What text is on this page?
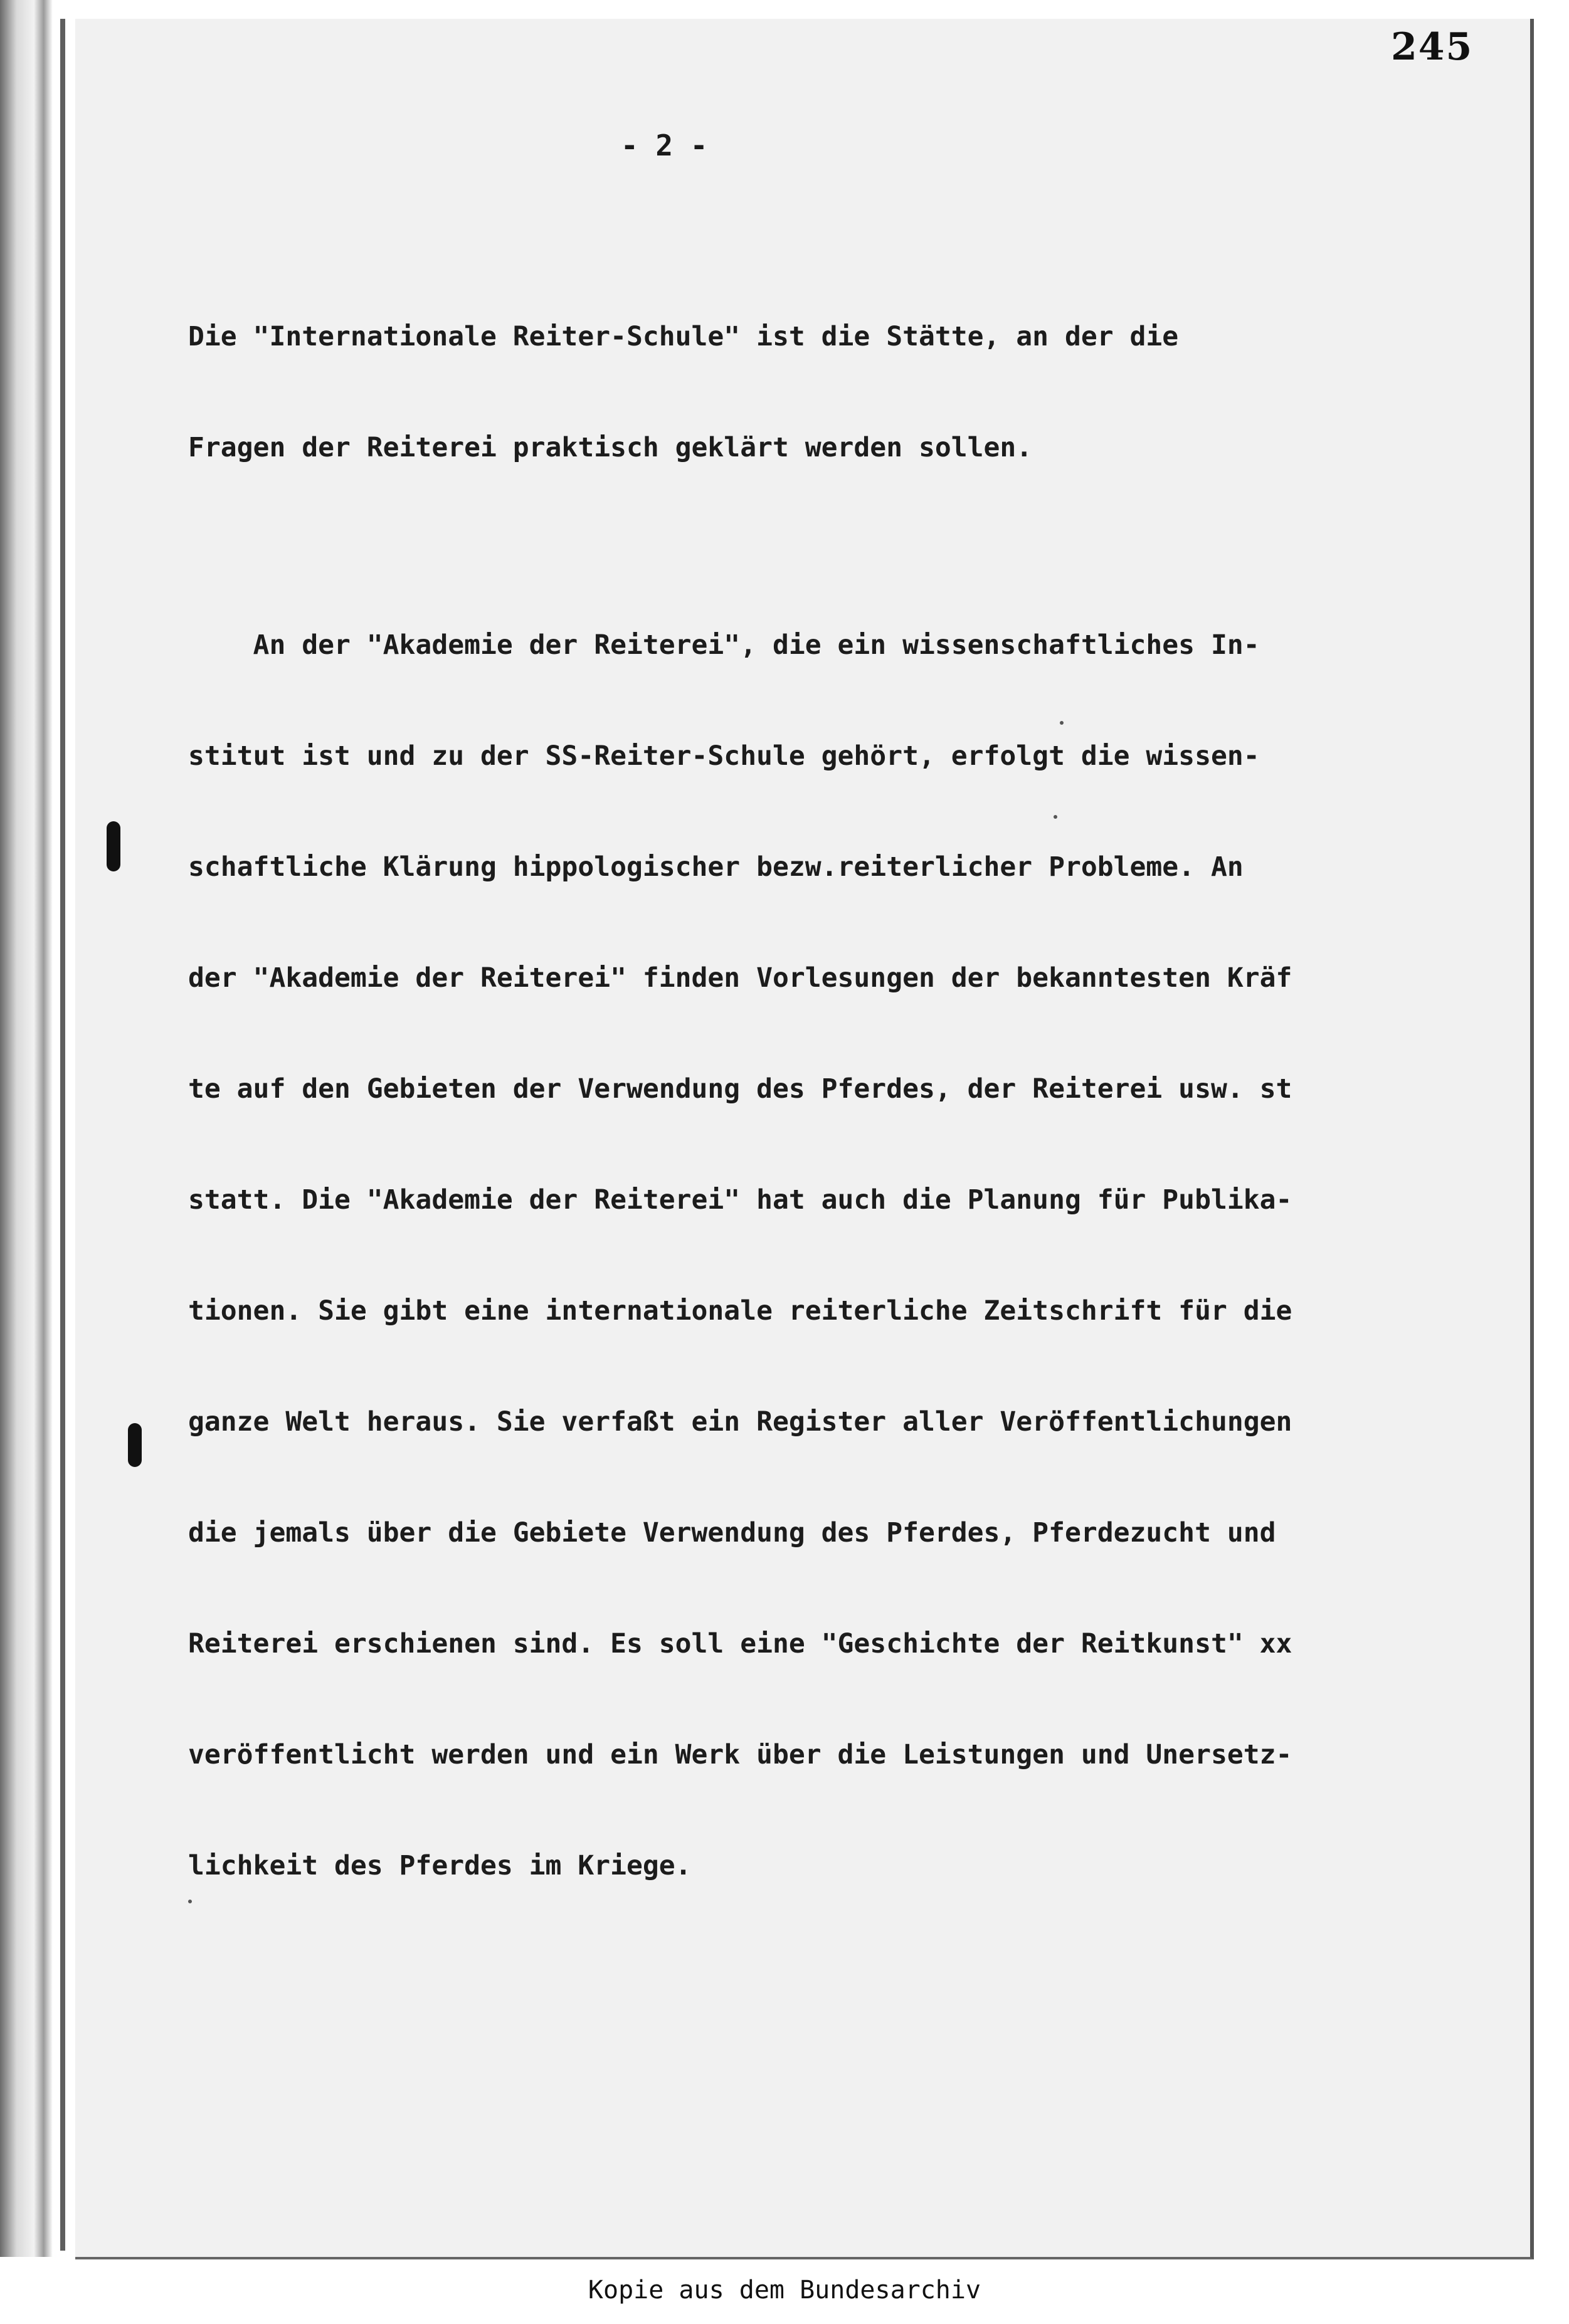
245
- 2 -

Die "Internationale Reiter-Schule" ist die Stätte, an der die

Fragen der Reiterei praktisch geklärt werden sollen.

An der "Akademie der Reiterei", die ein wissenschaftliches In-

stitut ist und zu der SS-Reiter-Schule gehört, erfolgt die wissen-

schaftliche Klärung hippologischer bezw.reiterlicher Probleme. An

der "Akademie der Reiterei" finden Vorlesungen der bekanntesten Kräf

te auf den Gebieten der Verwendung des Pferdes, der Reiterei usw. st

statt. Die "Akademie der Reiterei" hat auch die Planung für Publika-

tionen. Sie gibt eine internationale reiterliche Zeitschrift für die

ganze Welt heraus. Sie verfaßt ein Register aller Veröffentlichungen

die jemals über die Gebiete Verwendung des Pferdes, Pferdezucht und

Reiterei erschienen sind. Es soll eine "Geschichte der Reitkunst" xx

veröffentlicht werden und ein Werk über die Leistungen und Unersetz-

lichkeit des Pferdes im Kriege.

Kopie aus dem Bundesarchiv
